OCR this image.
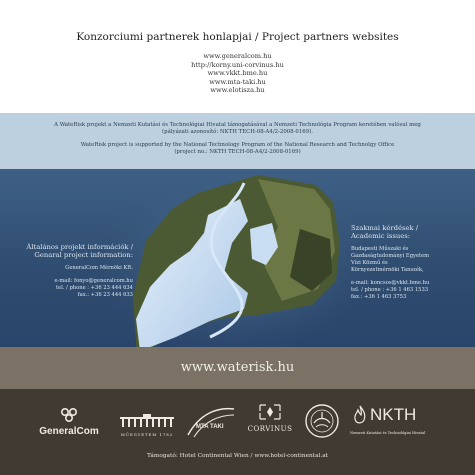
Konzorciumi partnerek honlapjai / Project partners websites
www.generalcom.hu
http://korny.uni-corvinus.hu
www.vkkt.bme.hu
www.mta-taki.hu
www.elotisza.hu

A WateRisk projekt a Nemzeti Kutatási és Technológiai Hivatal támogatásával a Nemzeti Technológia Program keretében valósul meg

(pályázati azonosító: NKTH TECH-08-A4/2-2008-0169).

WateRisk project is supported by the National Technology Program of the National Research and Technolgy Office

(project no.: NKTH TECH-08-A4/2-2008-0169)

Általános projekt információk /
Genaral project information:
GeneralCom Mérnöki Kft.
e-mail: fonyo@generalcom.hu
tel. / phone : +36 23 444 634
fax.: +36 23 444 633
Szakmai kérdések /
Academic issues:
Budapesti Műszaki és
Gazdaságtudományi Egyetem
Vízi Közmű és
Környezetmérnöki Tanszék,
e-mail: koncsos@vkkt.bme.hu
tel. / phone : +36 1 463 1533
fax.: +36 1 463 3753
www.waterisk.hu
GeneralCom	MŰEGYETEM 1782
MTA TAKI	CORVINUS
NKTH
Nemzeti Kutatási és Technológiai Hivatal
Támogató: Hotel Continental Wien / www.hotel-continental.at
